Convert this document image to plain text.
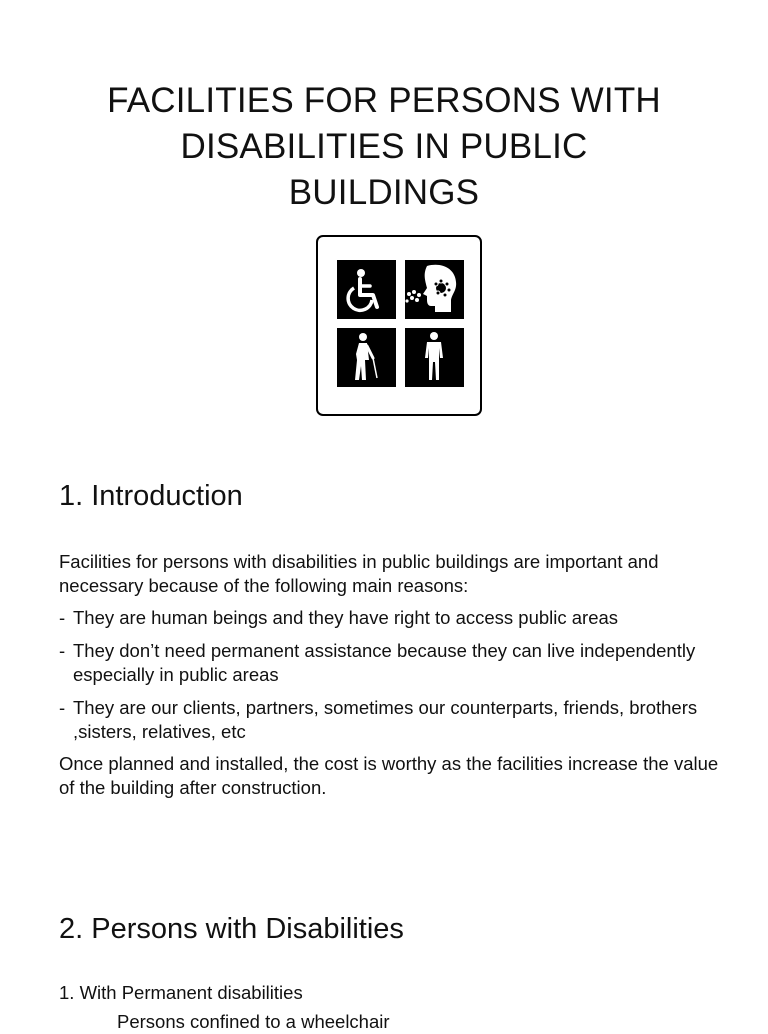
FACILITIES FOR PERSONS WITH
DISABILITIES IN PUBLIC
BUILDINGS
1. Introduction

Facilities for persons with disabilities in public buildings are important and necessary because of the following main reasons:

- They are human beings and they have right to access public areas
- They don’t need permanent assistance because they can live independently especially in public areas
- They are our clients, partners, sometimes our counterparts, friends, brothers ,sisters, relatives, etc

Once planned and installed, the cost is worthy as the facilities increase the value of the building after construction.

2. Persons with Disabilities

1. With Permanent disabilities

Persons confined to a wheelchair
